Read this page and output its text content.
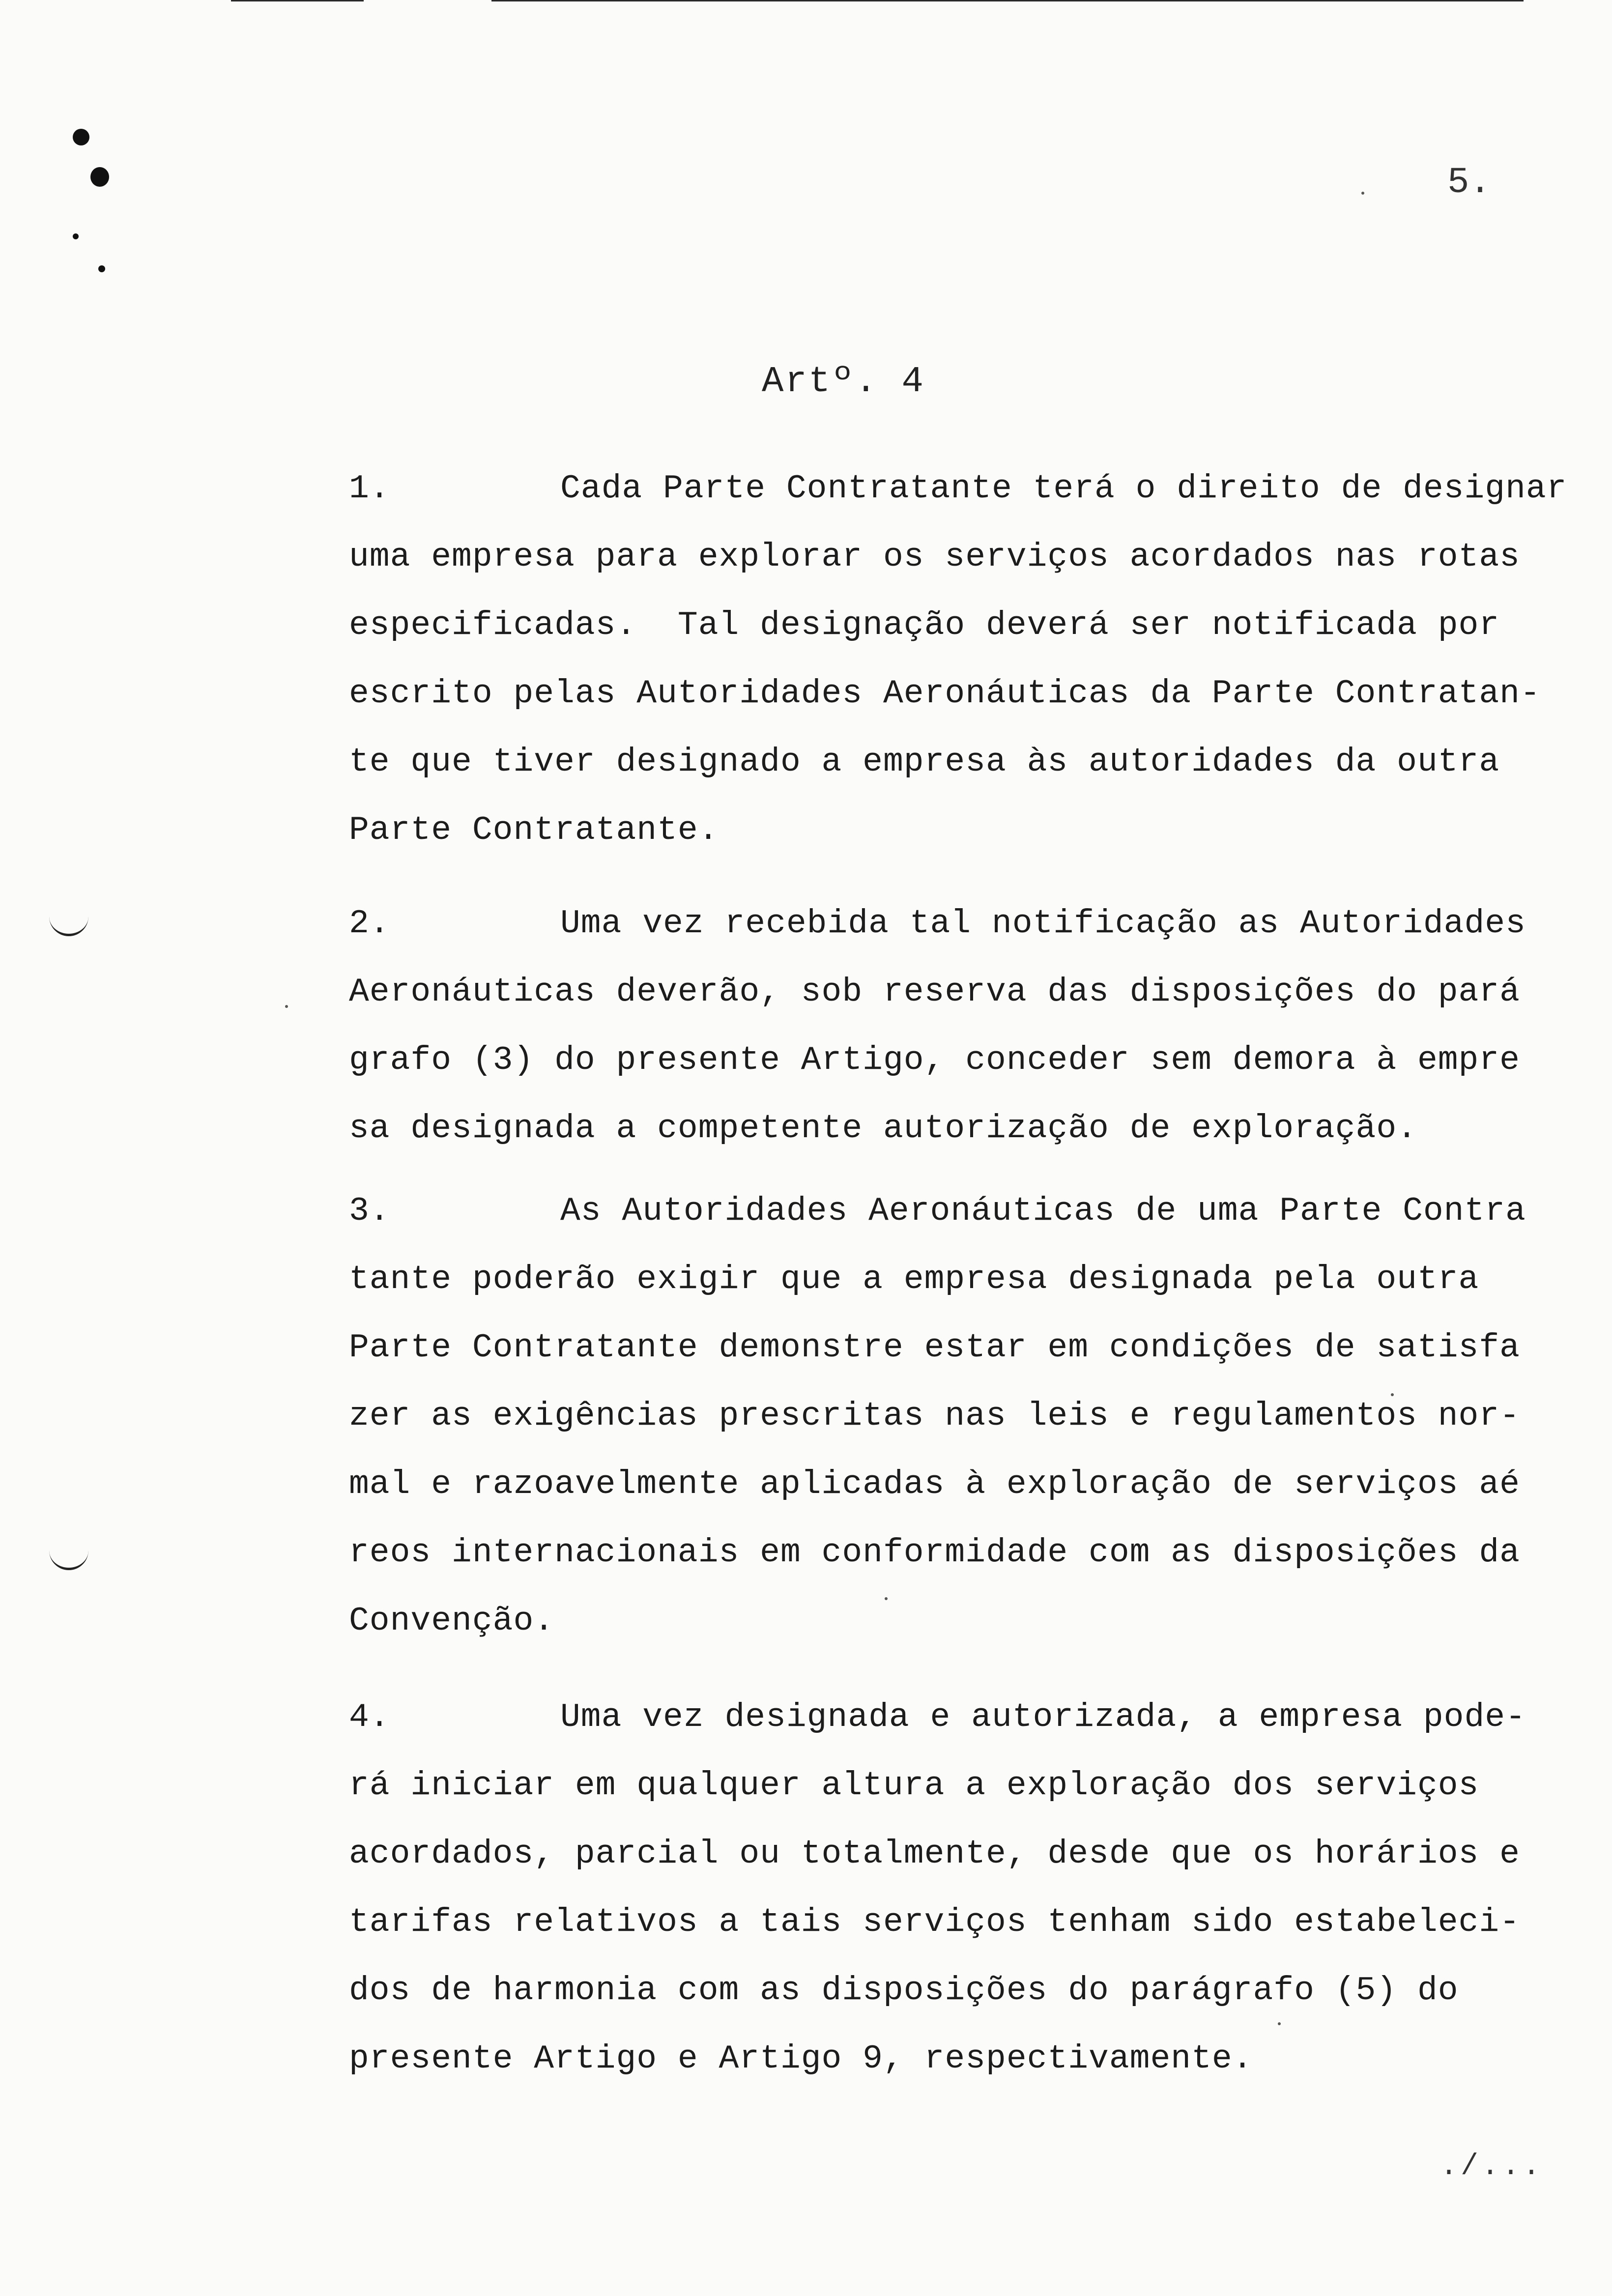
5.
Artº. 4
1.	Cada Parte Contratante terá o direito de designar
uma empresa para explorar os serviços acordados nas rotas
especificadas.  Tal designação deverá ser notificada por
escrito pelas Autoridades Aeronáuticas da Parte Contratan-
te que tiver designado a empresa às autoridades da outra
Parte Contratante.
2.	Uma vez recebida tal notificação as Autoridades
Aeronáuticas deverão, sob reserva das disposições do pará
grafo (3) do presente Artigo, conceder sem demora à empre
sa designada a competente autorização de exploração.
3.	As Autoridades Aeronáuticas de uma Parte Contra
tante poderão exigir que a empresa designada pela outra
Parte Contratante demonstre estar em condições de satisfa
zer as exigências prescritas nas leis e regulamentos nor-
mal e razoavelmente aplicadas à exploração de serviços aé
reos internacionais em conformidade com as disposições da
Convenção.
4.	Uma vez designada e autorizada, a empresa pode-
rá iniciar em qualquer altura a exploração dos serviços
acordados, parcial ou totalmente, desde que os horários e
tarifas relativos a tais serviços tenham sido estabeleci-
dos de harmonia com as disposições do parágrafo (5) do
presente Artigo e Artigo 9, respectivamente.
./...
